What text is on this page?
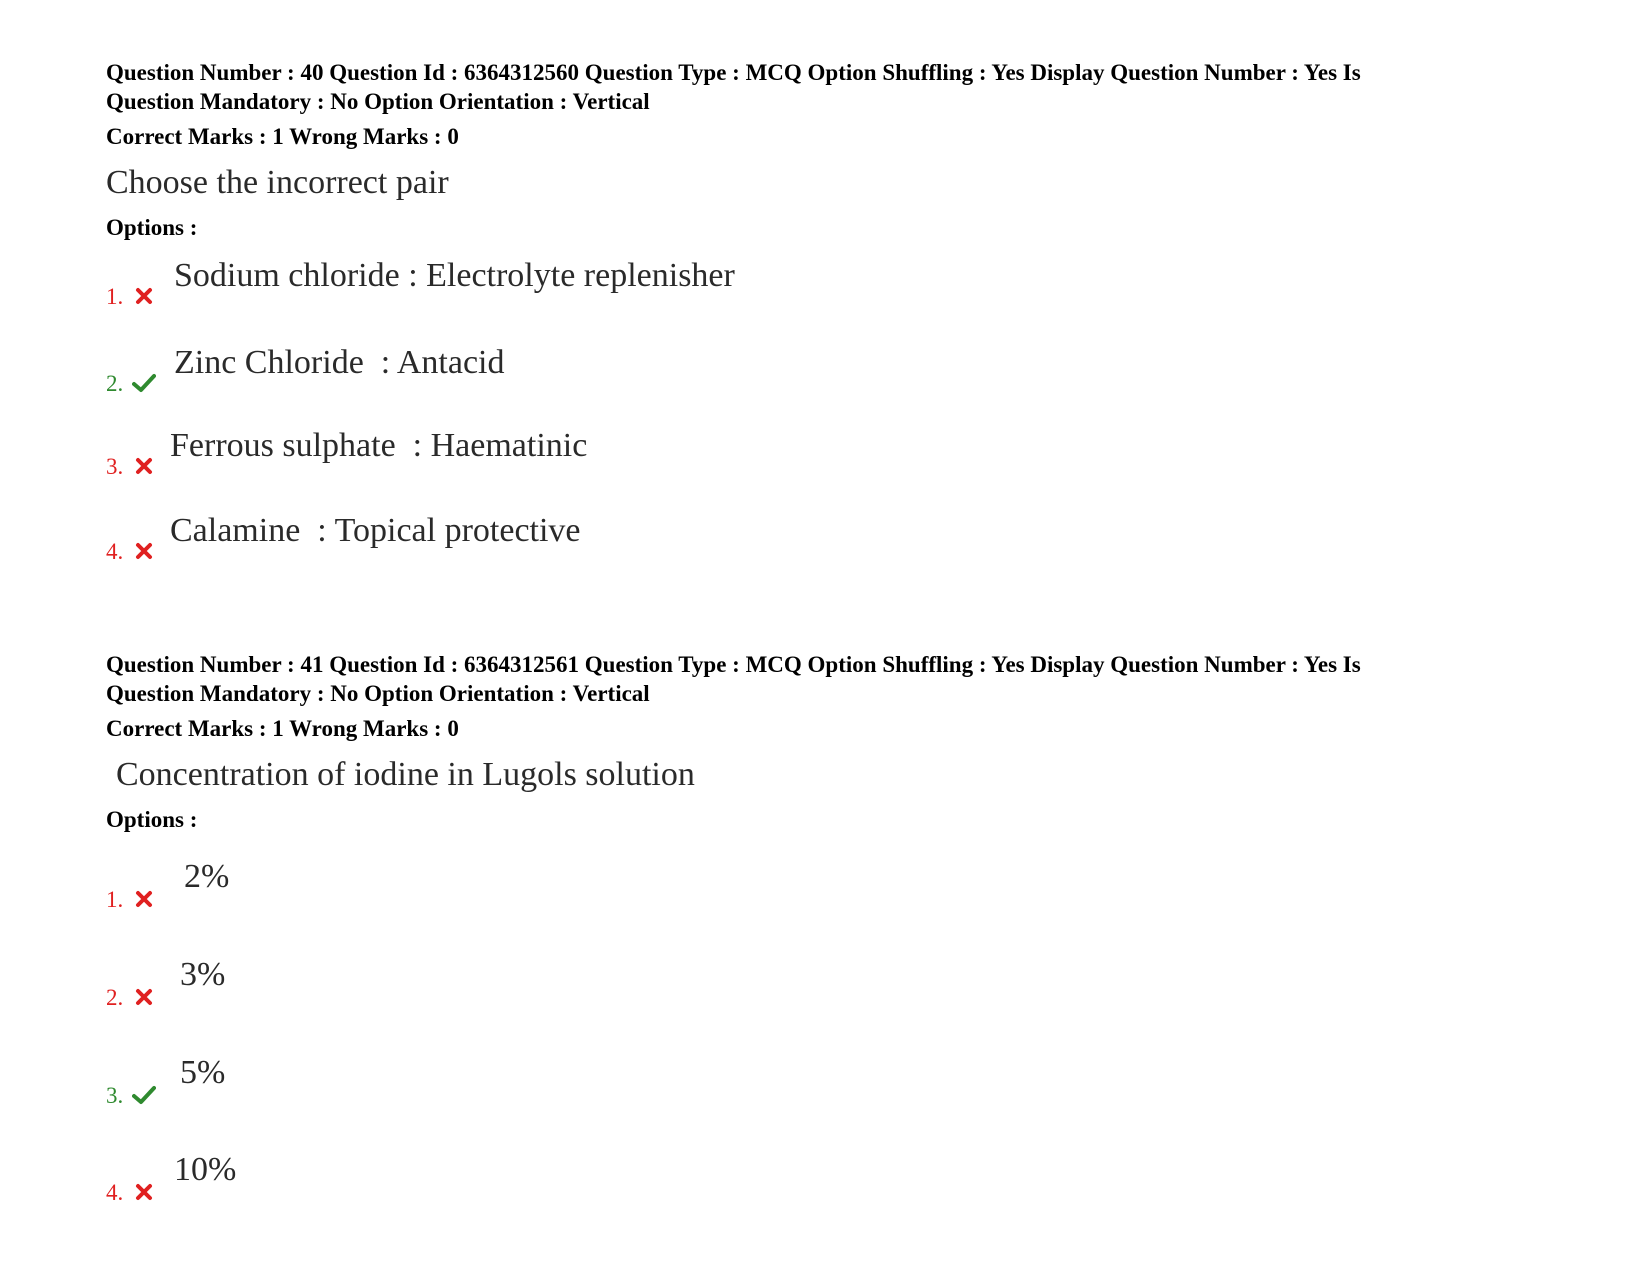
Question Number : 40 Question Id : 6364312560 Question Type : MCQ Option Shuffling : Yes Display Question Number : Yes Is
Question Mandatory : No Option Orientation : Vertical
Correct Marks : 1 Wrong Marks : 0
Choose the incorrect pair
Options :
1.
Sodium chloride : Electrolyte replenisher
2.
Zinc Chloride  : Antacid
3.
Ferrous sulphate  : Haematinic
4.
Calamine  : Topical protective
Question Number : 41 Question Id : 6364312561 Question Type : MCQ Option Shuffling : Yes Display Question Number : Yes Is
Question Mandatory : No Option Orientation : Vertical
Correct Marks : 1 Wrong Marks : 0
Concentration of iodine in Lugols solution
Options :
1.
2%
2.
3%
3.
5%
4.
10%
